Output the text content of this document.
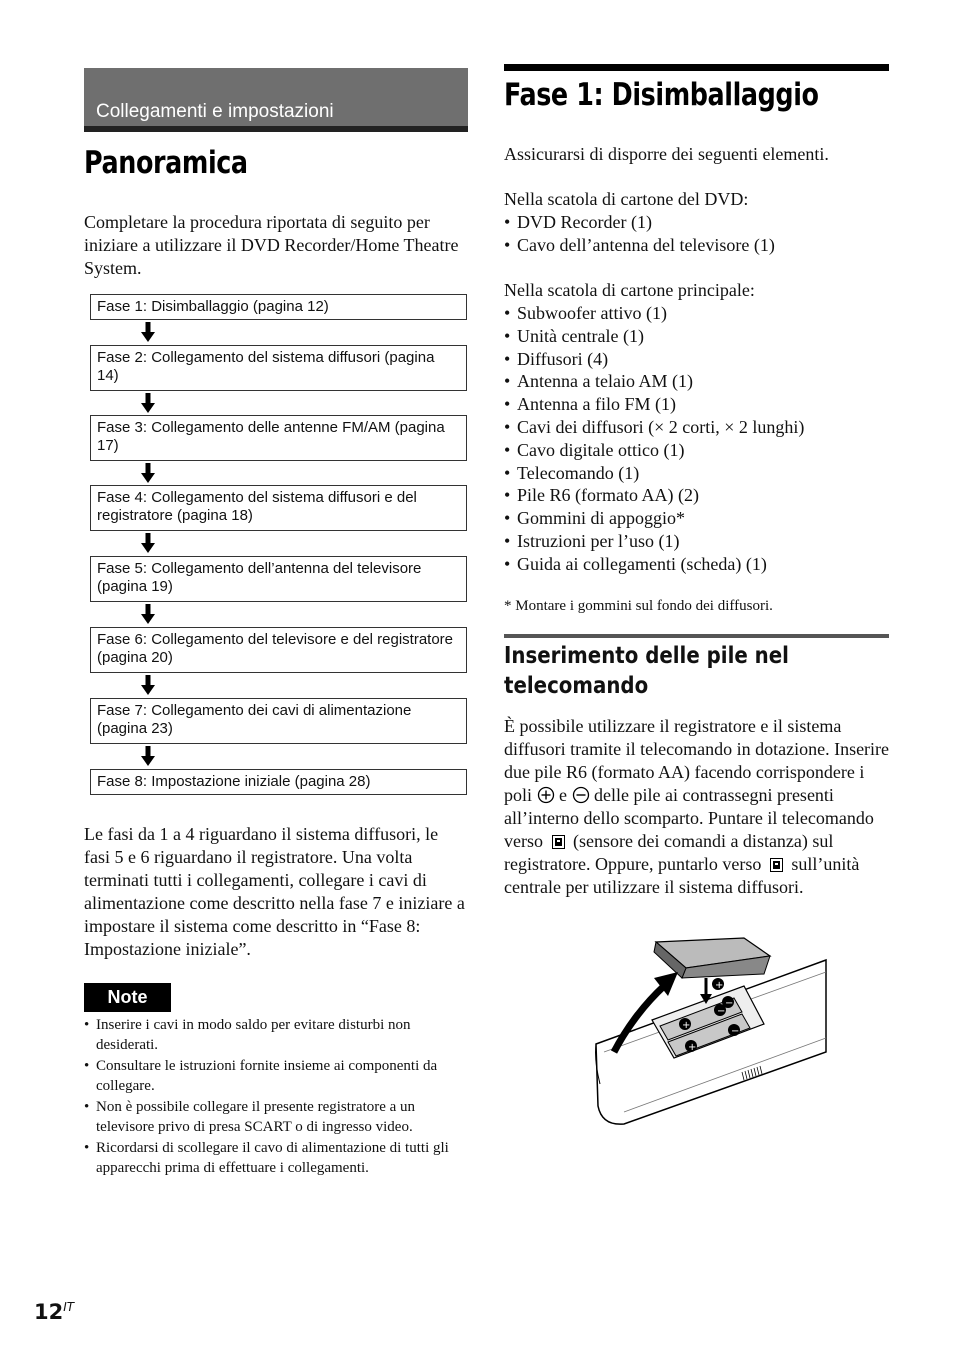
Collegamenti e impostazioni
Panoramica

Completare la procedura riportata di seguito per iniziare a utilizzare il DVD Recorder/Home Theatre System.

Fase 1: Disimballaggio (pagina 12)
Fase 2: Collegamento del sistema diffusori (pagina 14)
Fase 3: Collegamento delle antenne FM/AM (pagina 17)
Fase 4: Collegamento del sistema diffusori e del registratore (pagina 18)
Fase 5: Collegamento dell’antenna del televisore (pagina 19)
Fase 6: Collegamento del televisore e del registratore (pagina 20)
Fase 7: Collegamento dei cavi di alimentazione (pagina 23)
Fase 8: Impostazione iniziale (pagina 28)

Le fasi da 1 a 4 riguardano il sistema diffusori, le fasi 5 e 6 riguardano il registratore. Una volta terminati tutti i collegamenti, collegare i cavi di alimentazione come descritto nella fase 7 e iniziare a impostare il sistema come descritto in “Fase 8: Impostazione iniziale”.

Note
• Inserire i cavi in modo saldo per evitare disturbi non desiderati.
• Consultare le istruzioni fornite insieme ai componenti da collegare.
• Non è possibile collegare il presente registratore a un televisore privo di presa SCART o di ingresso video.
• Ricordarsi di scollegare il cavo di alimentazione di tutti gli apparecchi prima di effettuare i collegamenti.
Fase 1: Disimballaggio

Assicurarsi di disporre dei seguenti elementi.

Nella scatola di cartone del DVD:

• DVD Recorder (1)
• Cavo dell’antenna del televisore (1)

Nella scatola di cartone principale:

• Subwoofer attivo (1)
• Unità centrale (1)
• Diffusori (4)
• Antenna a telaio AM (1)
• Antenna a filo FM (1)
• Cavi dei diffusori (× 2 corti, × 2 lunghi)
• Cavo digitale ottico (1)
• Telecomando (1)
• Pile R6 (formato AA) (2)
• Gommini di appoggio*
• Istruzioni per l’uso (1)
• Guida ai collegamenti (scheda) (1)

* Montare i gommini sul fondo dei diffusori.

Inserimento delle pile nel
telecomando

È possibile utilizzare il registratore e il sistema diffusori tramite il telecomando in dotazione. Inserire due pile R6 (formato AA) facendo corrispondere i poli e delle pile ai contrassegni presenti all’interno dello scomparto. Puntare il telecomando verso (sensore dei comandi a distanza) sul registratore. Oppure, puntarlo verso sull’unità centrale per utilizzare il sistema diffusori.

+
−
+
−
+
−
$12^{IT}$
